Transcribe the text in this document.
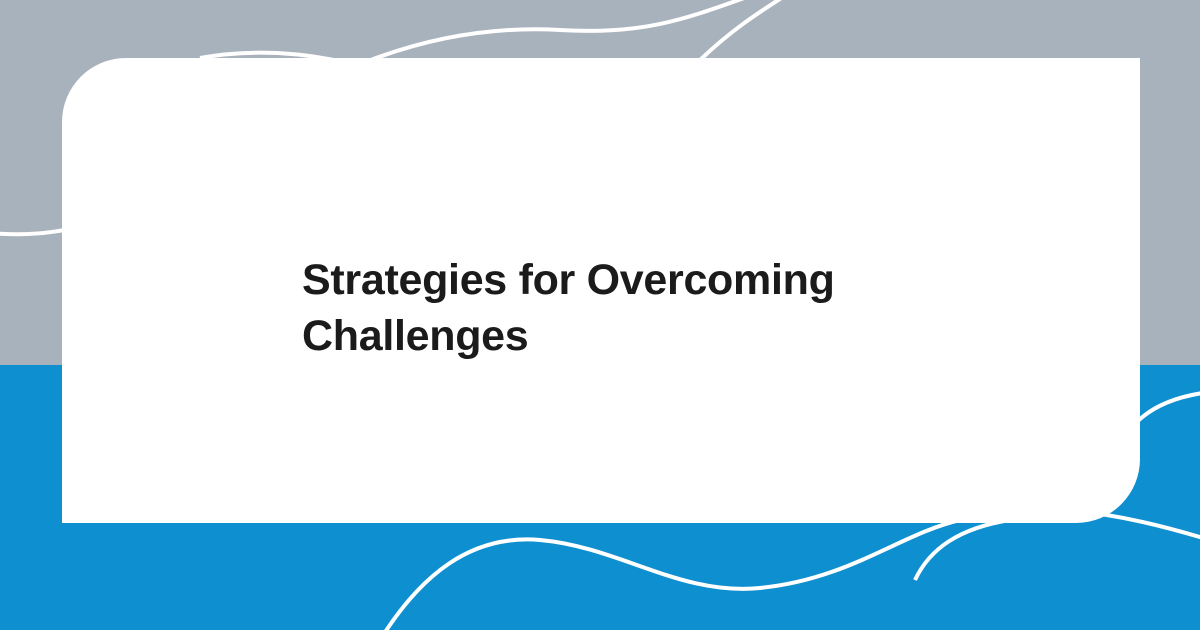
Strategies for Overcoming Challenges
